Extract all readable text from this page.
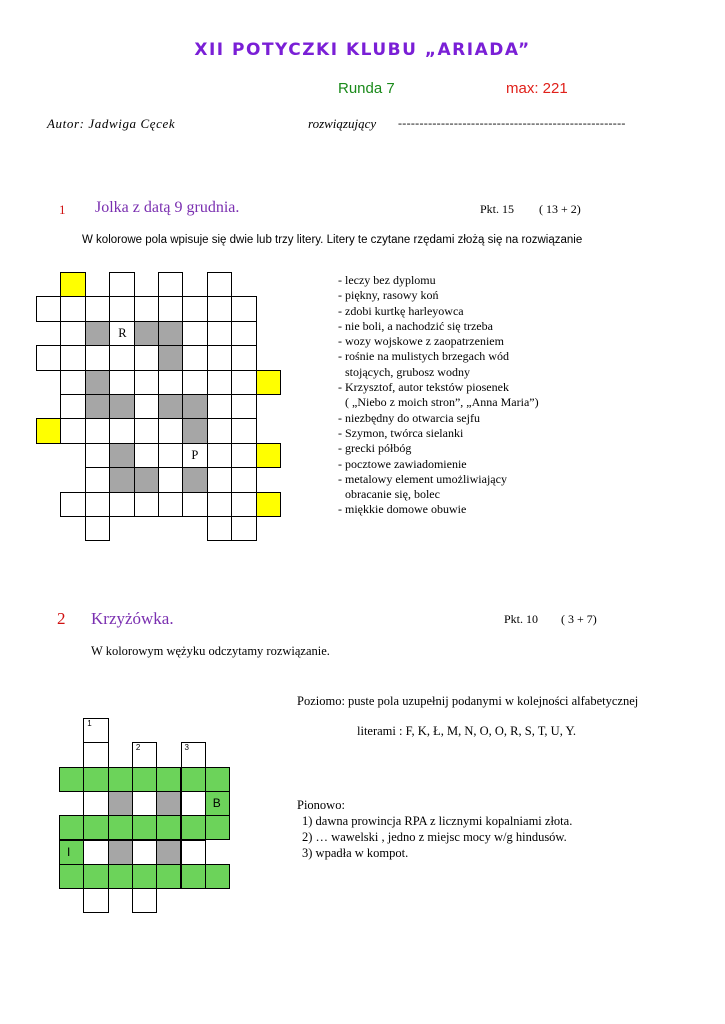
XII POTYCZKI KLUBU „ARIADA”
Runda 7	max: 221
Autor: Jadwiga Cęcek	rozwiązujący -----------------------------------------------------
1 Jolka z datą 9 grudnia.	Pkt. 15 ( 13 + 2)
W kolorowe pola wpisuje się dwie lub trzy litery. Litery te czytane rzędami złożą się na rozwiązanie
R
P
- leczy bez dyplomu
- piękny, rasowy koń
- zdobi kurtkę harleyowca
- nie boli, a nachodzić się trzeba
- wozy wojskowe z zaopatrzeniem
- rośnie na mulistych brzegach wód
stojących, grubosz wodny
- Krzysztof, autor tekstów piosenek
( „Niebo z moich stron”, „Anna Maria”)
- niezbędny do otwarcia sejfu
- Szymon, twórca sielanki
- grecki półbóg
- pocztowe zawiadomienie
- metalowy element umożliwiający
obracanie się, bolec
- miękkie domowe obuwie
2 Krzyżówka.	Pkt. 10 ( 3 + 7)
W kolorowym wężyku odczytamy rozwiązanie.
Poziomo: puste pola uzupełnij podanymi w kolejności alfabetycznej
literami : F, K, Ł, M, N, O, O, R, S, T, U, Y.
Pionowo:
1) dawna prowincja RPA z licznymi kopalniami złota.
2) … wawelski , jedno z miejsc mocy w/g hindusów.
3) wpadła w kompot.
1
2	3
B
I
